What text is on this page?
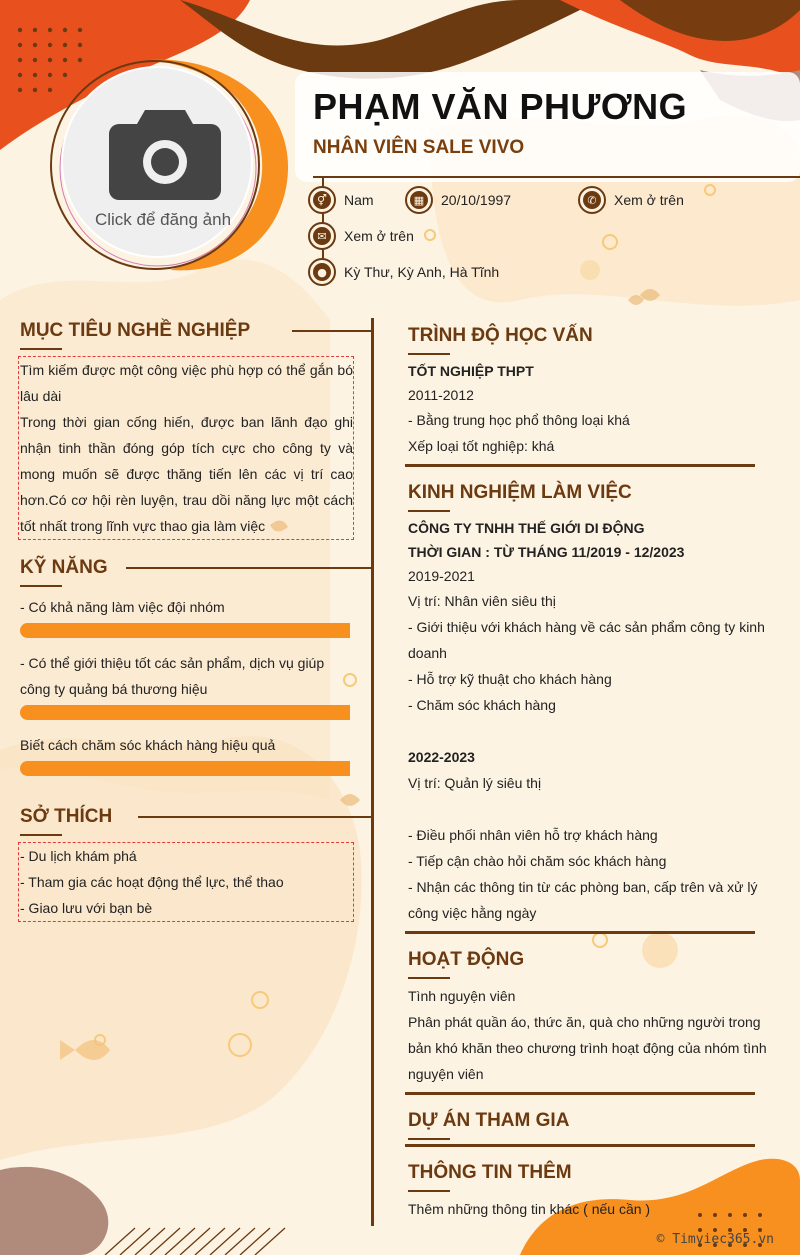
Click để đăng ảnh
PHẠM VĂN PHƯƠNG
NHÂN VIÊN SALE VIVO
⚥ Nam	▦ 20/10/1997	✆	Xem ở trên
✉	Xem ở trên
●	Kỳ Thư, Kỳ Anh, Hà Tĩnh
MỤC TIÊU NGHỀ NGHIỆP
Tìm kiếm được một công việc phù hợp có thể gắn bó lâu dài
Trong thời gian cống hiến, được ban lãnh đạo ghi nhận tinh thần đóng góp tích cực cho công ty và mong muốn sẽ được thăng tiến lên các vị trí cao hơn.Có cơ hội rèn luyện, trau dồi năng lực một cách tốt nhất trong lĩnh vực thao gia làm việc
KỸ NĂNG
- Có khả năng làm việc đội nhóm
- Có thể giới thiệu tốt các sản phẩm, dịch vụ giúp công ty quảng bá thương hiệu
Biết cách chăm sóc khách hàng hiệu quả
SỞ THÍCH
- Du lịch khám phá
- Tham gia các hoạt động thể lực, thể thao
- Giao lưu với bạn bè
TRÌNH ĐỘ HỌC VẤN
TỐT NGHIỆP THPT
2011-2012
- Bằng trung học phổ thông loại khá
Xếp loại tốt nghiệp: khá
KINH NGHIỆM LÀM VIỆC
CÔNG TY TNHH THẾ GIỚI DI ĐỘNG
THỜI GIAN : TỪ THÁNG 11/2019 - 12/2023
2019-2021
Vị trí: Nhân viên siêu thị
- Giới thiệu với khách hàng về các sản phẩm công ty kinh doanh
- Hỗ trợ kỹ thuật cho khách hàng
- Chăm sóc khách hàng
2022-2023
Vị trí: Quản lý siêu thị
- Điều phối nhân viên hỗ trợ khách hàng
- Tiếp cận chào hỏi chăm sóc khách hàng
- Nhận các thông tin từ các phòng ban, cấp trên và xử lý công việc hằng ngày
HOẠT ĐỘNG
Tình nguyện viên
Phân phát quần áo, thức ăn, quà cho những người trong bản khó khăn theo chương trình hoạt động của nhóm tình nguyện viên
DỰ ÁN THAM GIA
THÔNG TIN THÊM
Thêm những thông tin khác ( nếu cần )
© Timviec365.vn
